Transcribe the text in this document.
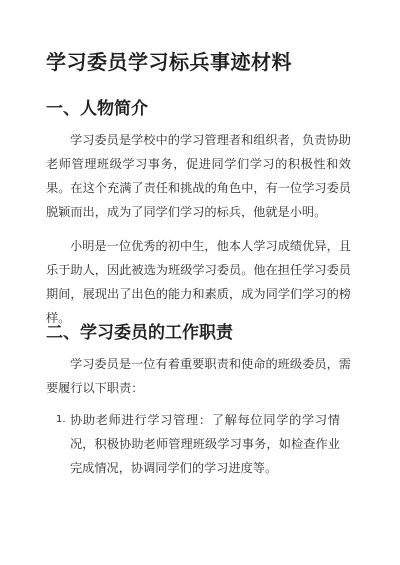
学习委员学习标兵事迹材料
一、人物简介

学习委员是学校中的学习管理者和组织者，负责协助老师管理班级学习事务，促进同学们学习的积极性和效果。在这个充满了责任和挑战的角色中，有一位学习委员脱颖而出，成为了同学们学习的标兵，他就是小明。

小明是一位优秀的初中生，他本人学习成绩优异，且乐于助人，因此被选为班级学习委员。他在担任学习委员期间，展现出了出色的能力和素质，成为同学们学习的榜样。

二、学习委员的工作职责

学习委员是一位有着重要职责和使命的班级委员，需要履行以下职责：

1. 协助老师进行学习管理：了解每位同学的学习情况，积极协助老师管理班级学习事务，如检查作业完成情况，协调同学们的学习进度等。
